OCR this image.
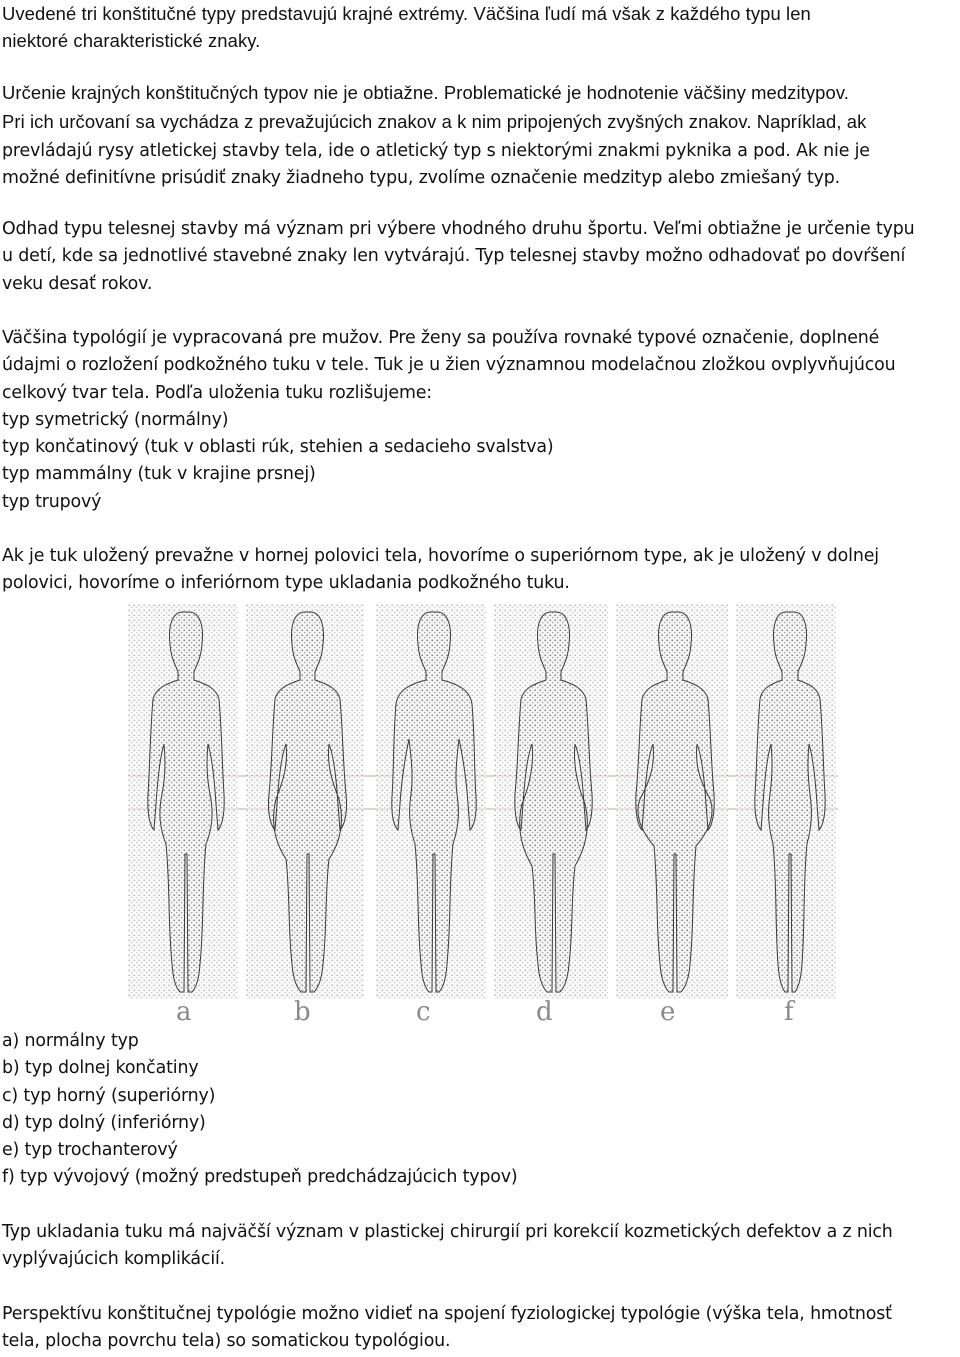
Uvedené tri konštitučné typy predstavujú krajné extrémy. Väčšina ľudí má však z každého typu len
niektoré charakteristické znaky.
Určenie krajných konštitučných typov nie je obtiažne. Problematické je hodnotenie väčšiny medzitypov.
Pri ich určovaní sa vychádza z prevažujúcich znakov a k nim pripojených zvyšných znakov. Napríklad, ak
prevládajú rysy atletickej stavby tela, ide o atletický typ s niektorými znakmi pyknika a pod. Ak nie je
možné definitívne prisúdiť znaky žiadneho typu, zvolíme označenie medzityp alebo zmiešaný typ.
Odhad typu telesnej stavby má význam pri výbere vhodného druhu športu. Veľmi obtiažne je určenie typu
u detí, kde sa jednotlivé stavebné znaky len vytvárajú. Typ telesnej stavby možno odhadovať po dovŕšení
veku desať rokov.
Väčšina typológií je vypracovaná pre mužov. Pre ženy sa používa rovnaké typové označenie, doplnené
údajmi o rozložení podkožného tuku v tele. Tuk je u žien významnou modelačnou zložkou ovplyvňujúcou
celkový tvar tela. Podľa uloženia tuku rozlišujeme:
typ symetrický (normálny)
typ končatinový (tuk v oblasti rúk, stehien a sedacieho svalstva)
typ mammálny (tuk v krajine prsnej)
typ trupový
Ak je tuk uložený prevažne v hornej polovici tela, hovoríme o superiórnom type, ak je uložený v dolnej
polovici, hovoríme o inferiórnom type ukladania podkožného tuku.
a	b	c	d	e	f
a) normálny typ
b) typ dolnej končatiny
c) typ horný (superiórny)
d) typ dolný (inferiórny)
e) typ trochanterový
f) typ vývojový (možný predstupeň predchádzajúcich typov)
Typ ukladania tuku má najväčší význam v plastickej chirurgií pri korekcií kozmetických defektov a z nich
vyplývajúcich komplikácií.
Perspektívu konštitučnej typológie možno vidieť na spojení fyziologickej typológie (výška tela, hmotnosť
tela, plocha povrchu tela) so somatickou typológiou.
